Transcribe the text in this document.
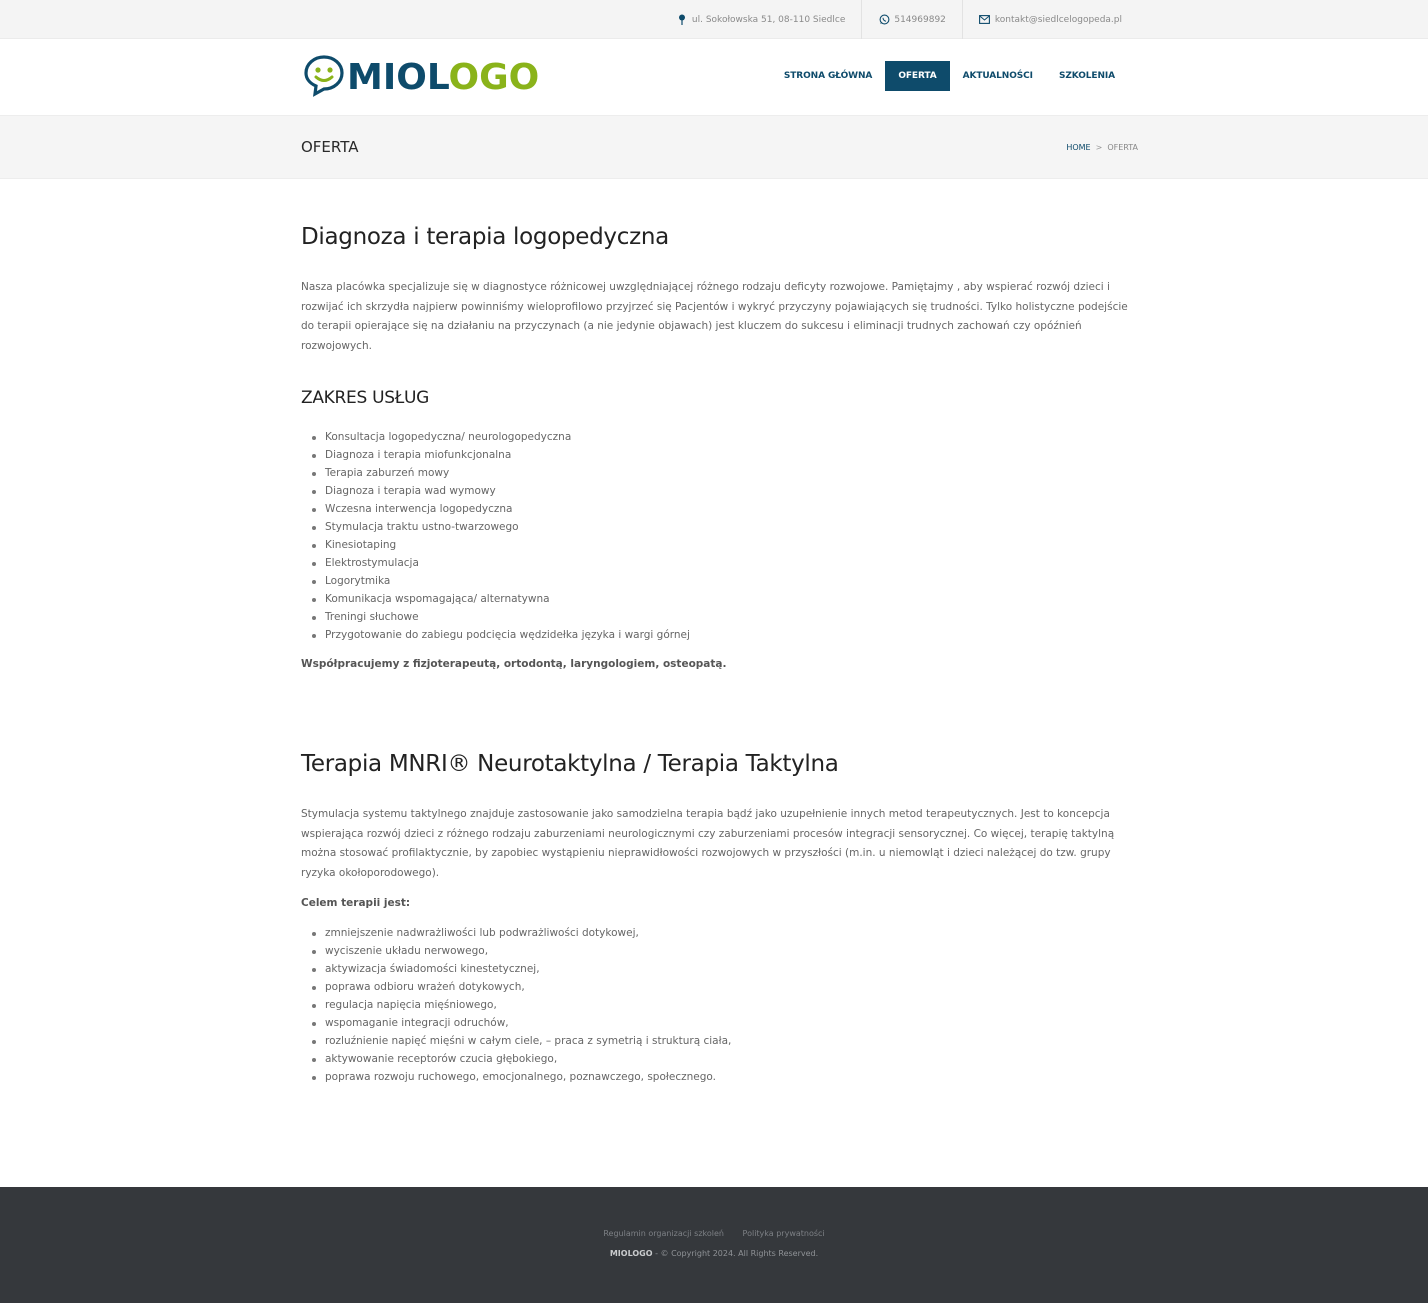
ul. Sokołowska 51, 08-110 Siedlce	514969892	kontakt@siedlcelogopeda.pl
MIOLOGO	STRONA GŁÓWNA	OFERTA	AKTUALNOŚCI	SZKOLENIA
OFERTA	HOME > OFERTA
Diagnoza i terapia logopedyczna

Nasza placówka specjalizuje się w diagnostyce różnicowej uwzględniającej różnego rodzaju deficyty rozwojowe. Pamiętajmy , aby wspierać rozwój dzieci i rozwijać ich skrzydła najpierw powinniśmy wieloprofilowo przyjrzeć się Pacjentów i wykryć przyczyny pojawiających się trudności. Tylko holistyczne podejście do terapii opierające się na działaniu na przyczynach (a nie jedynie objawach) jest kluczem do sukcesu i eliminacji trudnych zachowań czy opóźnień rozwojowych.

ZAKRES USŁUG
Konsultacja logopedyczna/ neurologopedyczna
Diagnoza i terapia miofunkcjonalna
Terapia zaburzeń mowy
Diagnoza i terapia wad wymowy
Wczesna interwencja logopedyczna
Stymulacja traktu ustno-twarzowego
Kinesiotaping
Elektrostymulacja
Logorytmika
Komunikacja wspomagająca/ alternatywna
Treningi słuchowe
Przygotowanie do zabiegu podcięcia wędzidełka języka i wargi górnej

Współpracujemy z fizjoterapeutą, ortodontą, laryngologiem, osteopatą.

Terapia MNRI® Neurotaktylna / Terapia Taktylna

Stymulacja systemu taktylnego znajduje zastosowanie jako samodzielna terapia bądź jako uzupełnienie innych metod terapeutycznych. Jest to koncepcja wspierająca rozwój dzieci z różnego rodzaju zaburzeniami neurologicznymi czy zaburzeniami procesów integracji sensorycznej. Co więcej, terapię taktylną można stosować profilaktycznie, by zapobiec wystąpieniu nieprawidłowości rozwojowych w przyszłości (m.in. u niemowląt i dzieci należącej do tzw. grupy ryzyka okołoporodowego).

Celem terapii jest:

zmniejszenie nadwrażliwości lub podwrażliwości dotykowej,
wyciszenie układu nerwowego,
aktywizacja świadomości kinestetycznej,
poprawa odbioru wrażeń dotykowych,
regulacja napięcia mięśniowego,
wspomaganie integracji odruchów,
rozluźnienie napięć mięśni w całym ciele, – praca z symetrią i strukturą ciała,
aktywowanie receptorów czucia głębokiego,
poprawa rozwoju ruchowego, emocjonalnego, poznawczego, społecznego.
Regulamin organizacji szkoleń Polityka prywatności
MIOLOGO - © Copyright 2024. All Rights Reserved.
